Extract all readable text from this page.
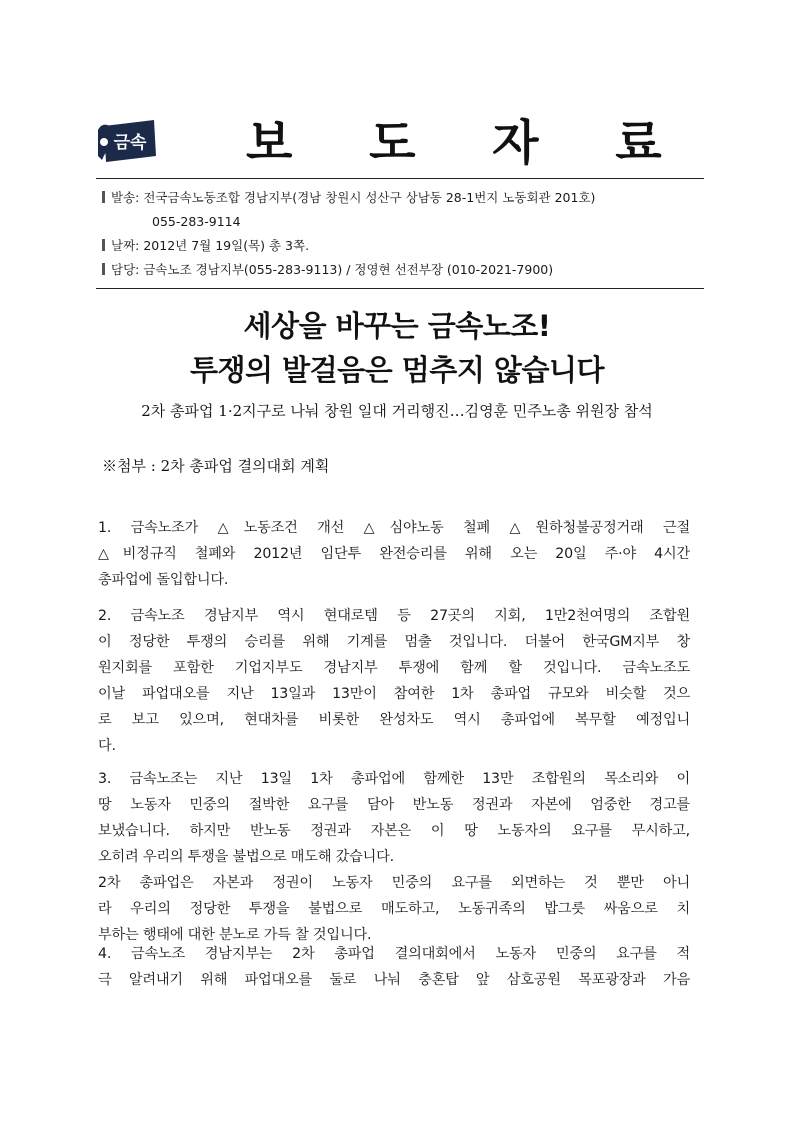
금속 보 도 자 료
발송: 전국금속노동조합 경남지부(경남 창원시 성산구 상남동 28-1번지 노동회관 201호)
055-283-9114
날짜: 2012년 7월 19일(목) 총 3쪽.
담당: 금속노조 경남지부(055-283-9113) / 정영현 선전부장 (010-2021-7900)
세상을 바꾸는 금속노조!
투쟁의 발걸음은 멈추지 않습니다
2차 총파업 1·2지구로 나눠 창원 일대 거리행진…김영훈 민주노총 위원장 참석
※첨부 : 2차 총파업 결의대회 계획
1. 금속노조가 △노동조건 개선 △심야노동 철폐 △원하청불공정거래 근절
△비정규직 철폐와 2012년 임단투 완전승리를 위해 오는 20일 주·야 4시간
총파업에 돌입합니다.
2. 금속노조 경남지부 역시 현대로템 등 27곳의 지회, 1만2천여명의 조합원
이 정당한 투쟁의 승리를 위해 기계를 멈출 것입니다. 더불어 한국GM지부 창
원지회를 포함한 기업지부도 경남지부 투쟁에 함께 할 것입니다. 금속노조도
이날 파업대오를 지난 13일과 13만이 참여한 1차 총파업 규모와 비슷할 것으
로 보고 있으며, 현대차를 비롯한 완성차도 역시 총파업에 복무할 예정입니
다.
3. 금속노조는 지난 13일 1차 총파업에 함께한 13만 조합원의 목소리와 이
땅 노동자 민중의 절박한 요구를 담아 반노동 정권과 자본에 엄중한 경고를
보냈습니다. 하지만 반노동 정권과 자본은 이 땅 노동자의 요구를 무시하고,
오히려 우리의 투쟁을 불법으로 매도해 갔습니다.
2차 총파업은 자본과 정권이 노동자 민중의 요구를 외면하는 것 뿐만 아니
라 우리의 정당한 투쟁을 불법으로 매도하고, 노동귀족의 밥그릇 싸움으로 치
부하는 행태에 대한 분노로 가득 찰 것입니다.
4. 금속노조 경남지부는 2차 총파업 결의대회에서 노동자 민중의 요구를 적
극 알려내기 위해 파업대오를 둘로 나눠 충혼탑 앞 삼호공원 목포광장과 가음
